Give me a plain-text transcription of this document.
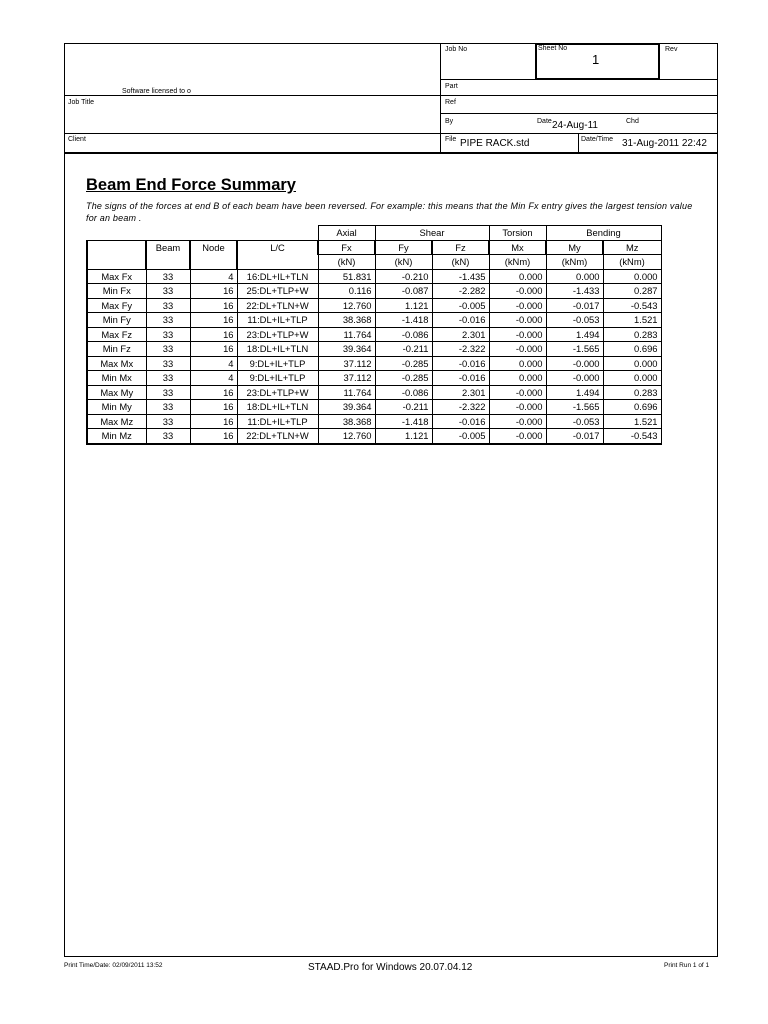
Job No	Sheet No
1
Rev
Part
Software licensed to o
Job Title	Ref
By	Date 24-Aug-11	Chd
Client	File PIPE RACK.std	Date/Time 31-Aug-2011 22:42
Beam End Force Summary
The signs of the forces at end B of each beam have been reversed. For example: this means that the Min Fx entry gives the largest tension value for an beam .
				Axial	Shear		Torsion	Bending	
	Beam	Node	L/C	Fx	Fy	Fz	Mx	My	Mz
				(kN)	(kN)	(kN)	(kNm)	(kNm)	(kNm)
Max Fx	33	4	16:DL+IL+TLN	51.831	-0.210	-1.435	0.000	0.000	0.000
Min Fx	33	16	25:DL+TLP+W	0.116	-0.087	-2.282	-0.000	-1.433	0.287
Max Fy	33	16	22:DL+TLN+W	12.760	1.121	-0.005	-0.000	-0.017	-0.543
Min Fy	33	16	11:DL+IL+TLP	38.368	-1.418	-0.016	-0.000	-0.053	1.521
Max Fz	33	16	23:DL+TLP+W	11.764	-0.086	2.301	-0.000	1.494	0.283
Min Fz	33	16	18:DL+IL+TLN	39.364	-0.211	-2.322	-0.000	-1.565	0.696
Max Mx	33	4	9:DL+IL+TLP	37.112	-0.285	-0.016	0.000	-0.000	0.000
Min Mx	33	4	9:DL+IL+TLP	37.112	-0.285	-0.016	0.000	-0.000	0.000
Max My	33	16	23:DL+TLP+W	11.764	-0.086	2.301	-0.000	1.494	0.283
Min My	33	16	18:DL+IL+TLN	39.364	-0.211	-2.322	-0.000	-1.565	0.696
Max Mz	33	16	11:DL+IL+TLP	38.368	-1.418	-0.016	-0.000	-0.053	1.521
Min Mz	33	16	22:DL+TLN+W	12.760	1.121	-0.005	-0.000	-0.017	-0.543
Print Time/Date: 02/09/2011 13:52	STAAD.Pro for Windows 20.07.04.12	Print Run 1 of 1
